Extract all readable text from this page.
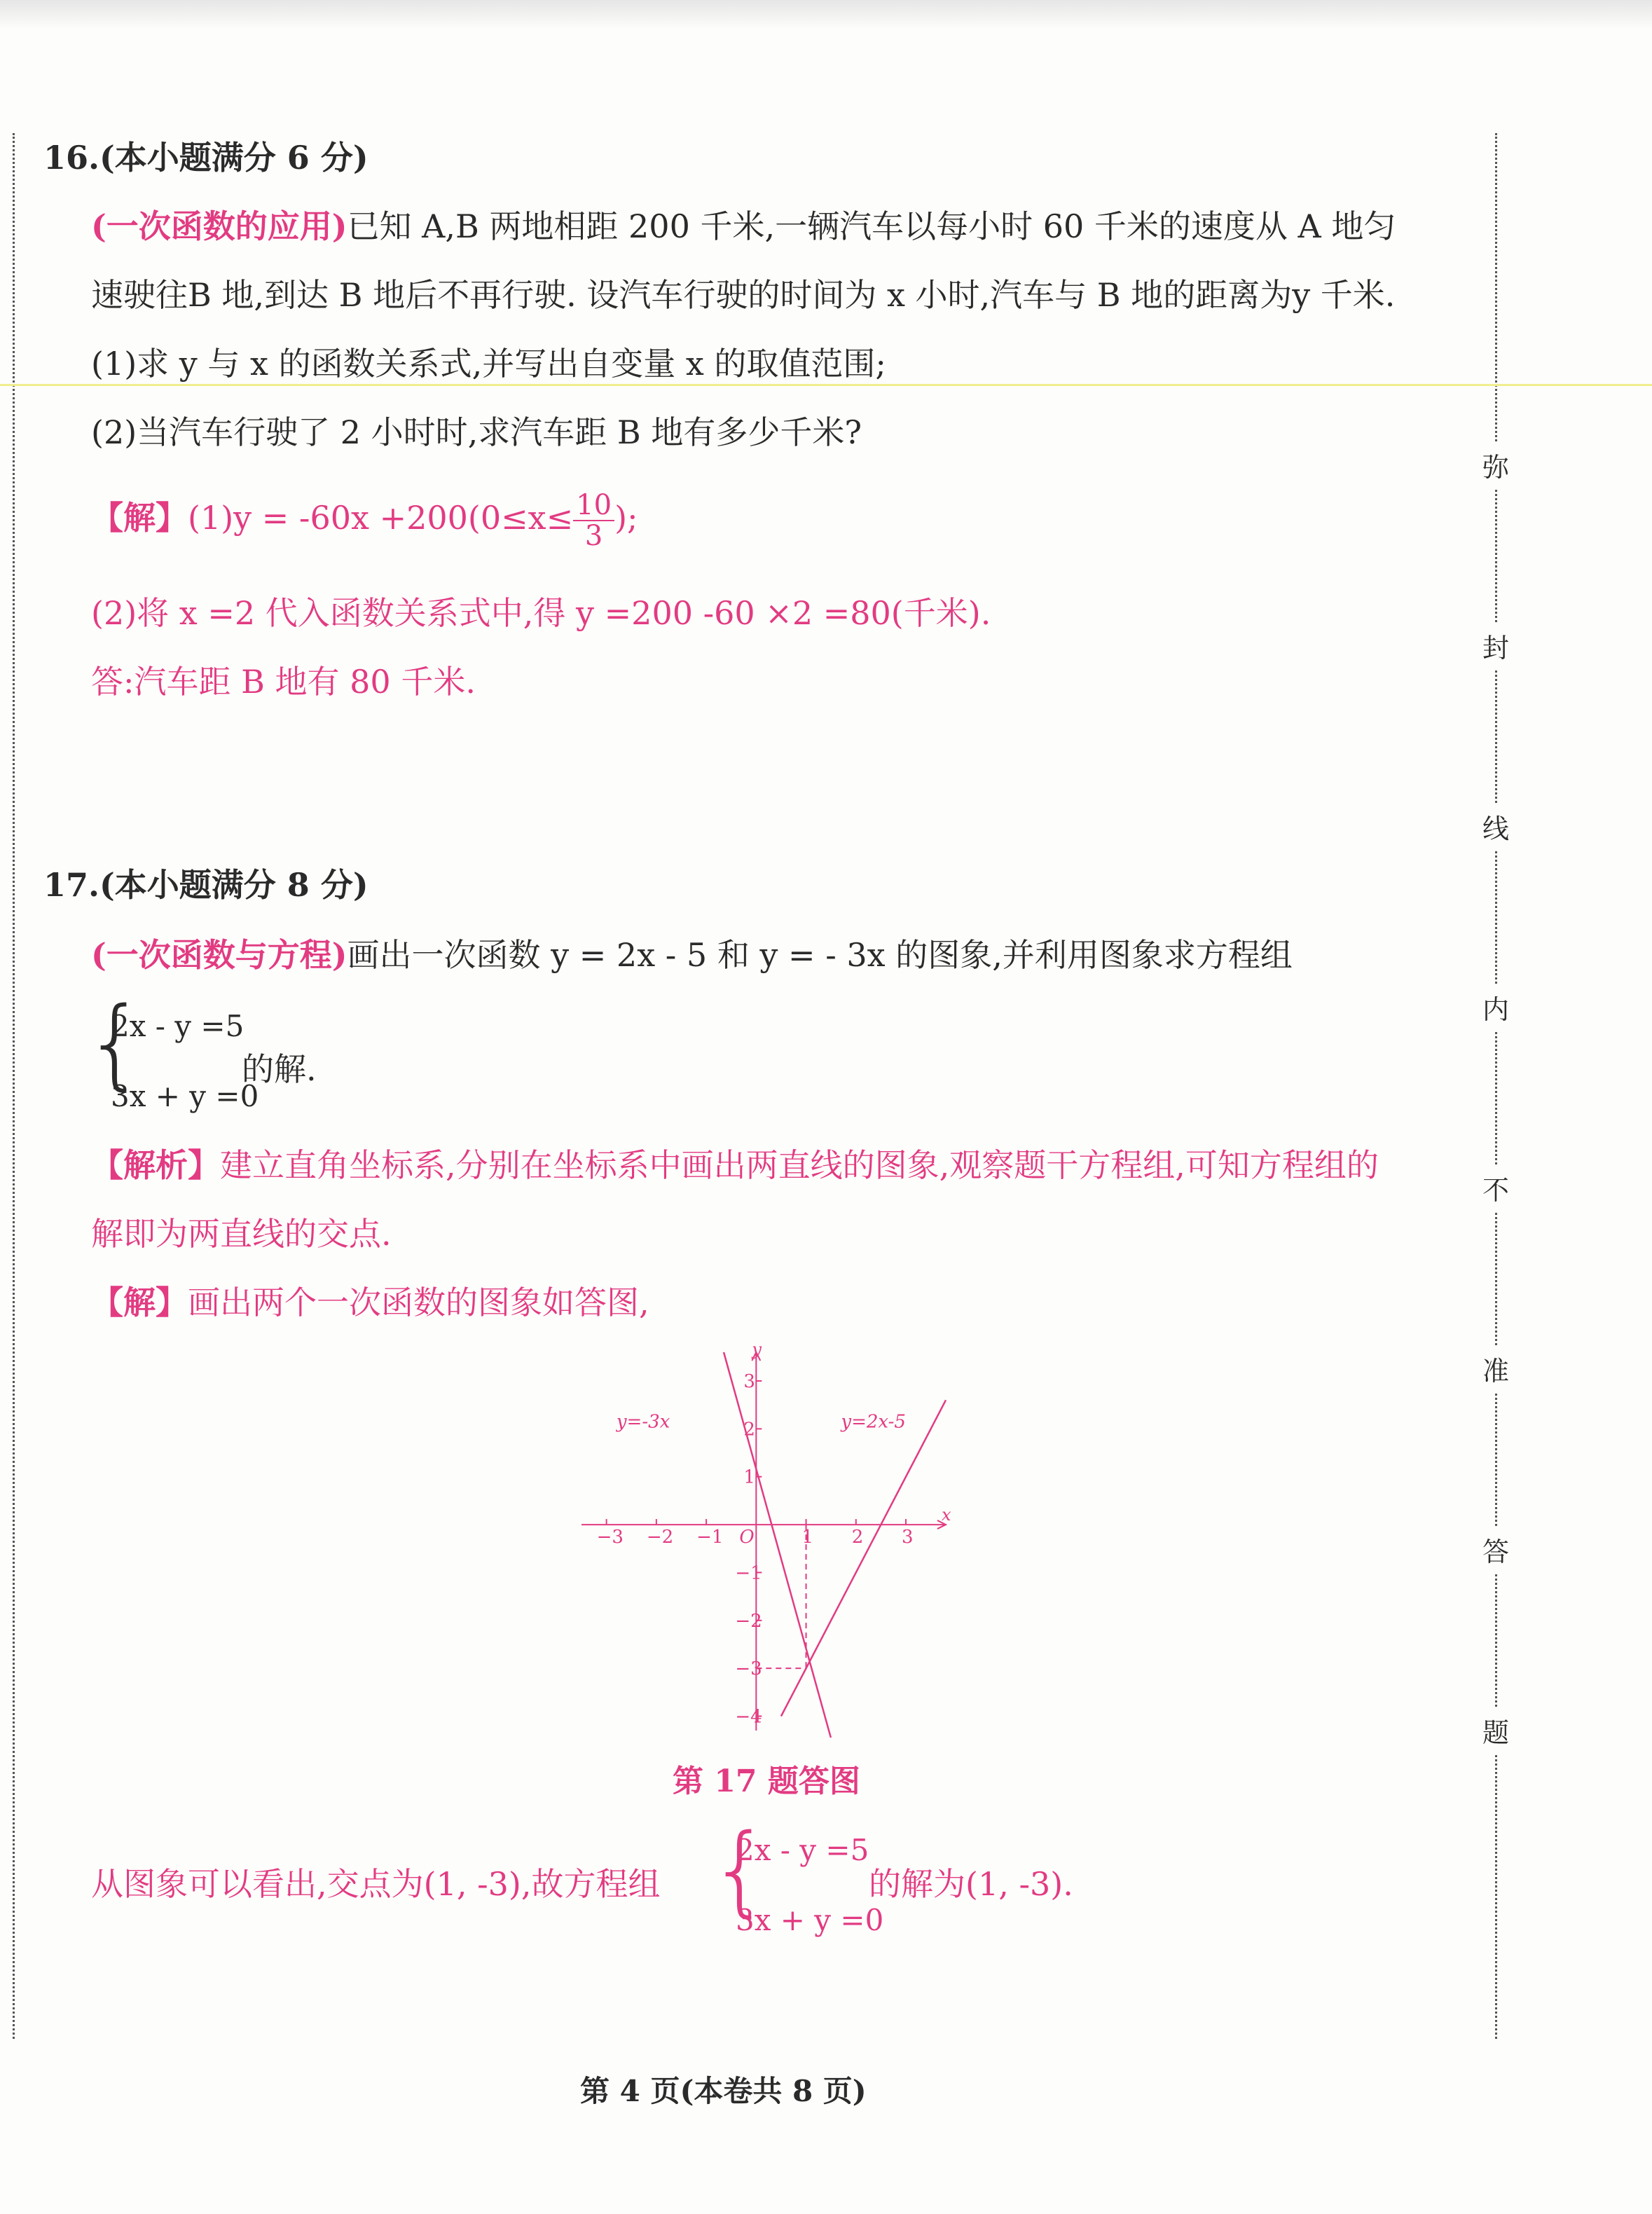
弥
封
线
内
不
准
答
题
16.(本小题满分 6 分)
(一次函数的应用)已知 A,B 两地相距 200 千米,一辆汽车以每小时 60 千米的速度从 A 地匀
速驶往B 地,到达 B 地后不再行驶. 设汽车行驶的时间为 x 小时,汽车与 B 地的距离为y 千米.
(1)求 y 与 x 的函数关系式,并写出自变量 x 的取值范围;
(2)当汽车行驶了 2 小时时,求汽车距 B 地有多少千米?
【解】$(1)y = -60x +200(0\le x\le \frac{10}{3}$ );
(2)将 x =2 代入函数关系式中,得 y =200 -60 ×2 =80(千米).
答:汽车距 B 地有 80 千米.
17.(本小题满分 8 分)
(一次函数与方程)画出一次函数 y = 2x - 5 和 y = - 3x 的图象,并利用图象求方程组
{
2x - y =5
3x + y =0
的解.
【解析】建立直角坐标系,分别在坐标系中画出两直线的图象,观察题干方程组,可知方程组的
解即为两直线的交点.
【解】画出两个一次函数的图象如答图,
x
y
−3 −2 −1	1 2 3
3
2
1
−1
−2
−3
−4
O
y=-3x	y=2x-5
第 17 题答图
从图象可以看出,交点为(1, -3),故方程组 {
2x - y =5
3x + y =0
的解为(1, -3).
第 4 页(本卷共 8 页)
